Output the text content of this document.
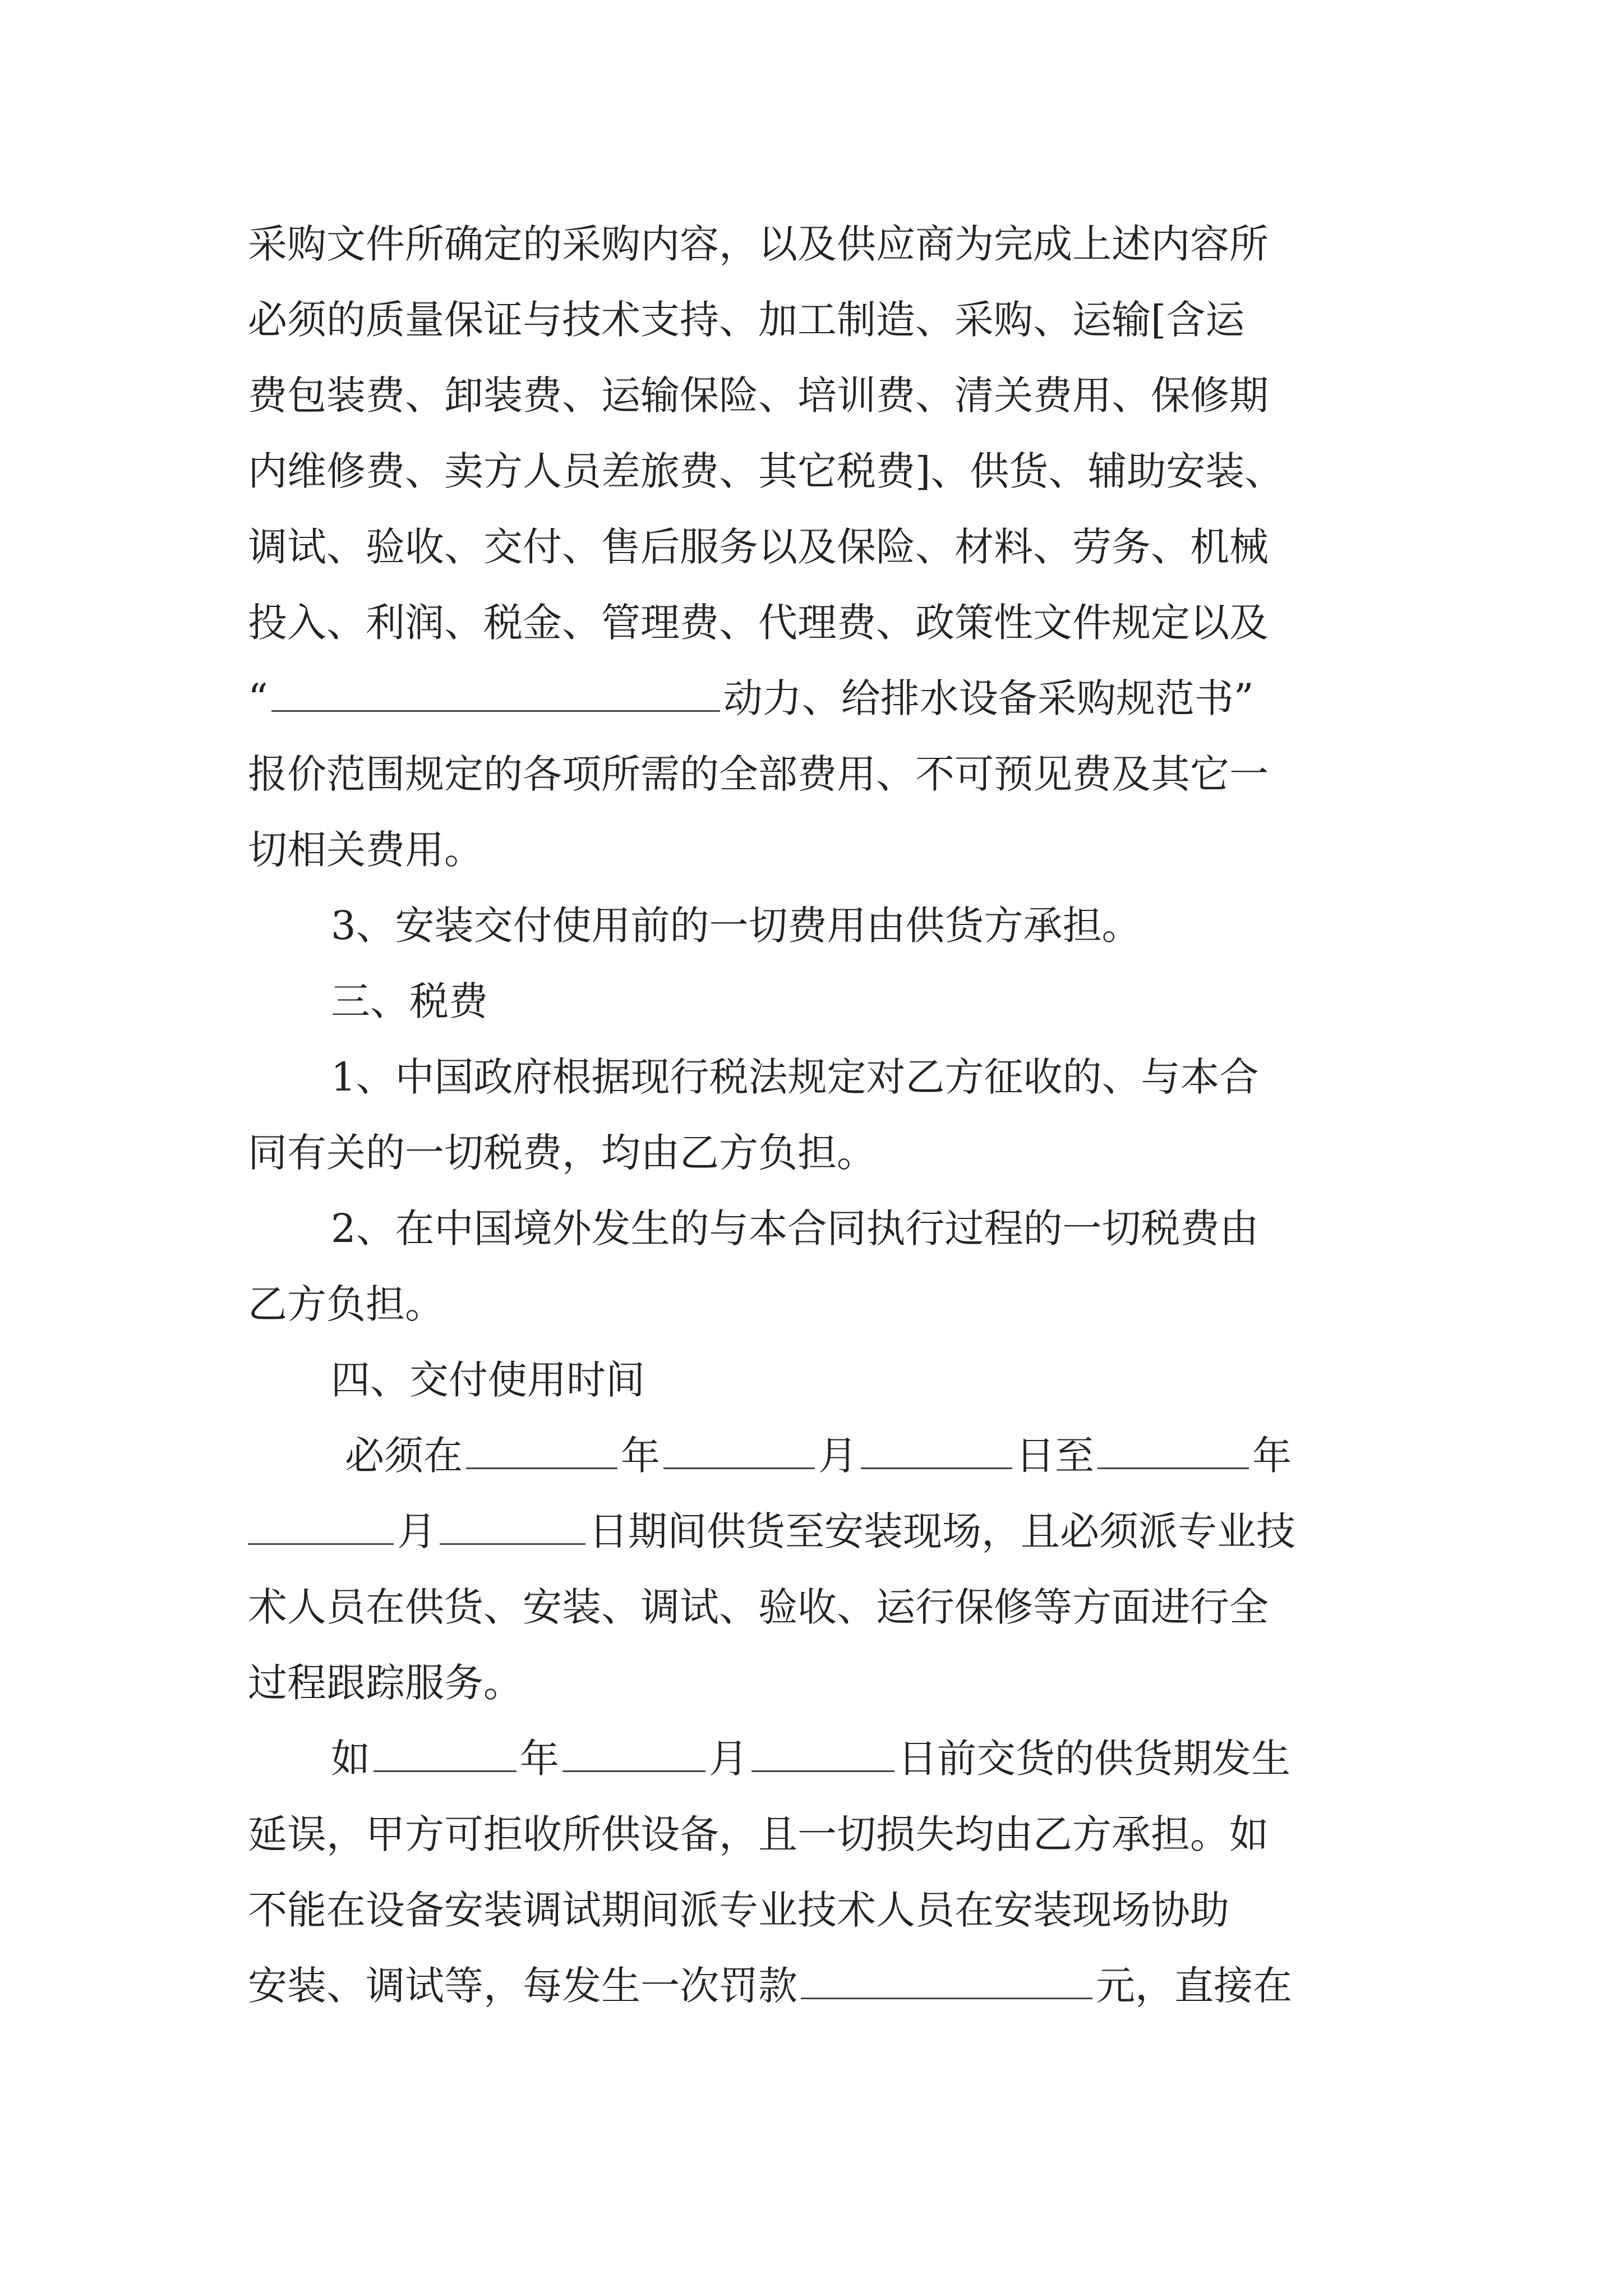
采购文件所确定的采购内容，以及供应商为完成上述内容所
必须的质量保证与技术支持、加工制造、采购、运输[含运
费包装费、卸装费、运输保险、培训费、清关费用、保修期
内维修费、卖方人员差旅费、其它税费]、供货、辅助安装、
调试、验收、交付、售后服务以及保险、材料、劳务、机械
投入、利润、税金、管理费、代理费、政策性文件规定以及
“	动力、给排水设备采购规范书”
报价范围规定的各项所需的全部费用、不可预见费及其它一
切相关费用。
3、安装交付使用前的一切费用由供货方承担。
三、税费
1、中国政府根据现行税法规定对乙方征收的、与本合
同有关的一切税费，均由乙方负担。
2、在中国境外发生的与本合同执行过程的一切税费由
乙方负担。
四、交付使用时间
必须在	年	月	日至	年
月	日期间供货至安装现场，且必须派专业技
术人员在供货、安装、调试、验收、运行保修等方面进行全
过程跟踪服务。
如	年	月	日前交货的供货期发生
延误，甲方可拒收所供设备，且一切损失均由乙方承担。如
不能在设备安装调试期间派专业技术人员在安装现场协助
安装、调试等，每发生一次罚款	元，直接在
